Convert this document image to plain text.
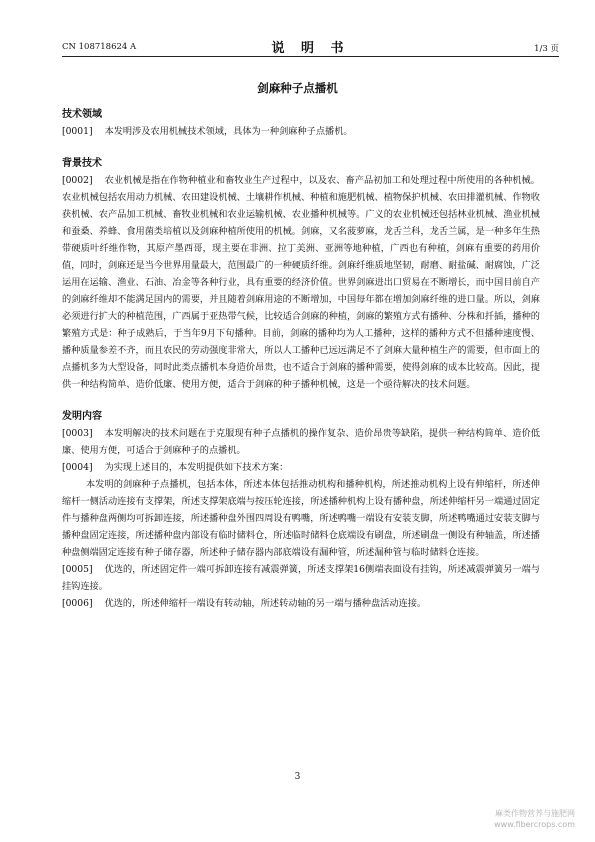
CN 108718624 A	说 明 书	1/3 页
剑麻种子点播机

技术领域

[0001] 本发明涉及农用机械技术领域，具体为一种剑麻种子点播机。

背景技术

[0002] 农业机械是指在作物种植业和畜牧业生产过程中，以及农、畜产品初加工和处理过程中所使用的各种机械。农业机械包括农用动力机械、农田建设机械、土壤耕作机械、种植和施肥机械、植物保护机械、农田排灌机械、作物收获机械、农产品加工机械、畜牧业机械和农业运输机械、农业播种机械等。广义的农业机械还包括林业机械、渔业机械和蚕桑、养蜂、食用菌类培植以及剑麻种植所使用的机械。剑麻，又名菠萝麻，龙舌兰科，龙舌兰属，是一种多年生热带硬质叶纤维作物，其原产墨西哥，现主要在非洲、拉丁美洲、亚洲等地种植，广西也有种植，剑麻有重要的药用价值，同时，剑麻还是当今世界用量最大，范围最广的一种硬质纤维。剑麻纤维质地坚韧，耐磨、耐盐碱、耐腐蚀，广泛运用在运输、渔业、石油、冶金等各种行业，具有重要的经济价值。世界剑麻进出口贸易在不断增长，而中国目前自产的剑麻纤维却不能满足国内的需要，并且随着剑麻用途的不断增加，中国每年都在增加剑麻纤维的进口量。所以，剑麻必须进行扩大的种植范围，广西属于亚热带气候，比较适合剑麻的种植，剑麻的繁殖方式有播种、分株和扦插，播种的繁殖方式是：种子成熟后，于当年9月下旬播种。目前，剑麻的播种均为人工播种，这样的播种方式不但播种速度慢、播种质量参差不齐，而且农民的劳动强度非常大，所以人工播种已远远满足不了剑麻大量种植生产的需要，但市面上的点播机多为大型设备，同时此类点播机本身造价昂贵，也不适合于剑麻的播种需要，使得剑麻的成本比较高。因此，提供一种结构简单、造价低廉、使用方便，适合于剑麻的种子播种机械，这是一个亟待解决的技术问题。

发明内容

[0003] 本发明解决的技术问题在于克服现有种子点播机的操作复杂、造价昂贵等缺陷，提供一种结构简单、造价低廉、使用方便，可适合于剑麻种子的点播机。

[0004] 为实现上述目的，本发明提供如下技术方案：

本发明的剑麻种子点播机，包括本体，所述本体包括推动机构和播种机构，所述推动机构上设有伸缩杆，所述伸缩杆一侧活动连接有支撑架，所述支撑架底端与按压轮连接，所述播种机构上设有播种盘，所述伸缩杆另一端通过固定件与播种盘两侧均可拆卸连接，所述播种盘外围四周设有鸭嘴，所述鸭嘴一端设有安装支脚，所述鸭嘴通过安装支脚与播种盘固定连接，所述播种盘内部设有临时储料仓，所述临时储料仓底端设有刷盘，所述刷盘一侧设有种轴盖，所述播种盘侧端固定连接有种子储存器，所述种子储存器内部底端设有漏种管，所述漏种管与临时储料仓连接。

[0005] 优选的，所述固定件一端可拆卸连接有减震弹簧，所述支撑架16侧端表面设有挂钩，所述减震弹簧另一端与挂钩连接。

[0006] 优选的，所述伸缩杆一端设有转动轴，所述转动轴的另一端与播种盘活动连接。

3
麻类作物营养与施肥网
www.fibercrops.com
